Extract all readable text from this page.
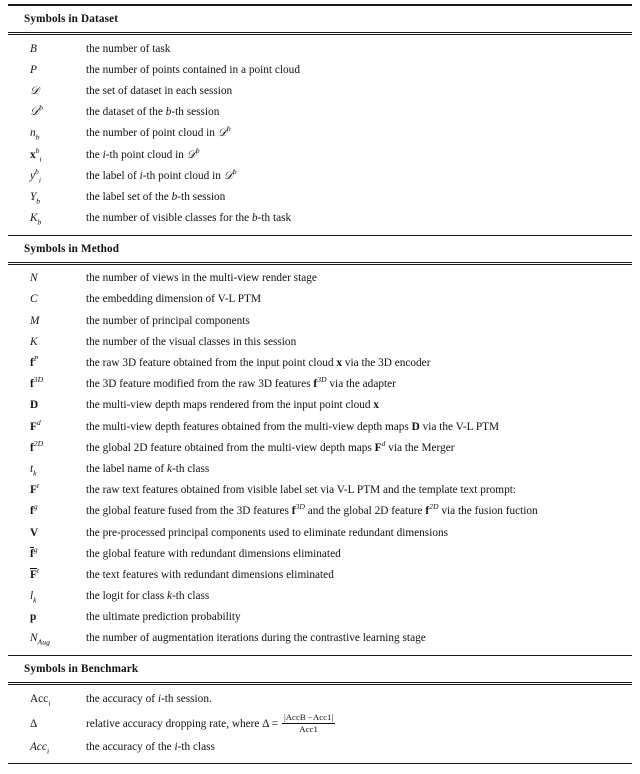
Symbols in Dataset
B	the number of task
P	the number of points contained in a point cloud
𝒟	the set of dataset in each session
𝒟$^b$	the dataset of the b-th session
$n_b$	the number of point cloud in 𝒟$^b$
$x^b_i$	the i-th point cloud in 𝒟$^b$
$y^b_i$	the label of i-th point cloud in 𝒟$^b$
$Y_b$	the label set of the b-th session
$K_b$	the number of visible classes for the b-th task
Symbols in Method
N	the number of views in the multi-view render stage
C	the embedding dimension of V-L PTM
M	the number of principal components
K	the number of the visual classes in this session
$f^P$	the raw 3D feature obtained from the input point cloud x via the 3D encoder
$f^{3D}$	the 3D feature modified from the raw 3D features $f^{3D}$ via the adapter
D	the multi-view depth maps rendered from the input point cloud x
$F^d$	the multi-view depth features obtained from the multi-view depth maps D via the V-L PTM
$f^{2D}$	the global 2D feature obtained from the multi-view depth maps $F^d$ via the Merger
$t_k$	the label name of k-th class
$F^t$	the raw text features obtained from visible label set via V-L PTM and the template text prompt:
$f^g$	the global feature fused from the 3D features $f^{3D}$ and the global 2D feature $f^{2D}$ via the fusion fuction
V	the pre-processed principal components used to eliminate redundant dimensions
$f^g$	the global feature with redundant dimensions eliminated
$F^t$	the text features with redundant dimensions eliminated
$l_k$	the logit for class k-th class
p	the ultimate prediction probability
$N_{Aug}$	the number of augmentation iterations during the contrastive learning stage
Symbols in Benchmark
Acc$_i$	the accuracy of i-th session.
Δ	relative accuracy dropping rate, where $\Delta = \frac{\text{|AccB −Acc1|}}{\text{Acc1}}$
Acc$_i$	the accuracy of the i-th class
